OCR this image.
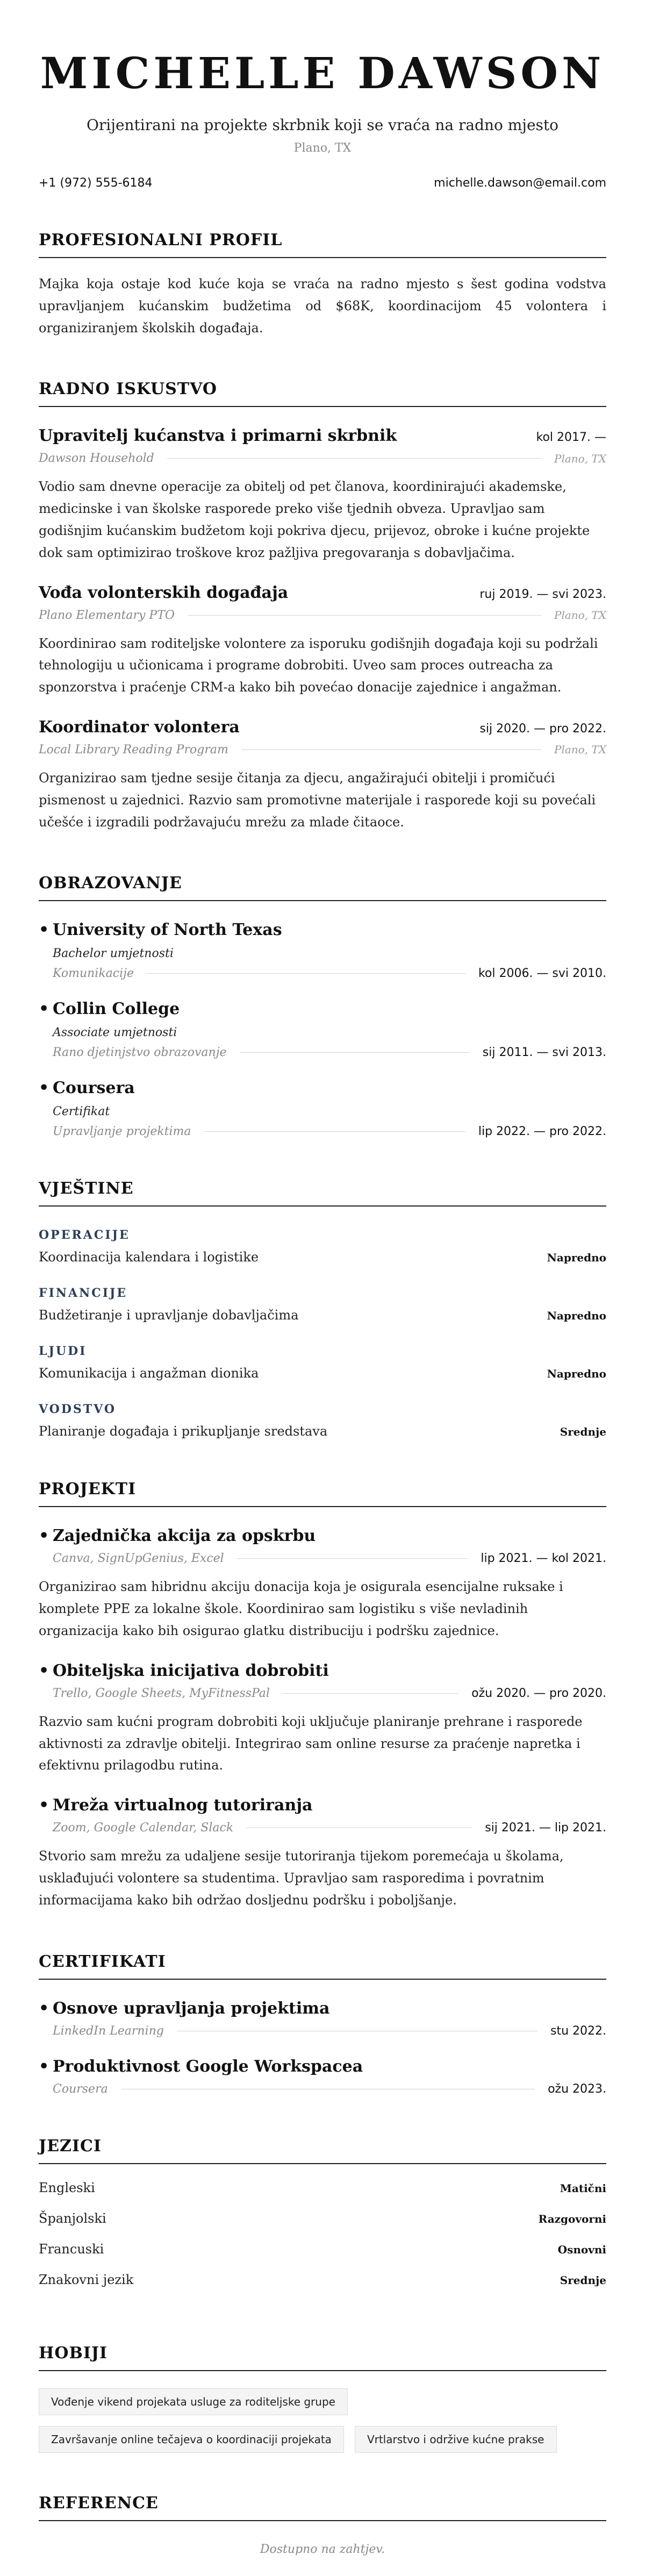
MICHELLE DAWSON
Orijentirani na projekte skrbnik koji se vraća na radno mjesto
Plano, TX
+1 (972) 555-6184	michelle.dawson@email.com
PROFESIONALNI PROFIL

Majka koja ostaje kod kuće koja se vraća na radno mjesto s šest godina vodstva upravljanjem kućanskim budžetima od $68K, koordinacijom 45 volontera i organiziranjem školskih događaja.

RADNO ISKUSTVO
Upravitelj kućanstva i primarni skrbnik	kol 2017. —
Dawson Household	Plano, TX

Vodio sam dnevne operacije za obitelj od pet članova, koordinirajući akademske, medicinske i van školske rasporede preko više tjednih obveza. Upravljao sam godišnjim kućanskim budžetom koji pokriva djecu, prijevoz, obroke i kućne projekte dok sam optimizirao troškove kroz pažljiva pregovaranja s dobavljačima.

Vođa volonterskih događaja	ruj 2019. — svi 2023.
Plano Elementary PTO	Plano, TX

Koordinirao sam roditeljske volontere za isporuku godišnjih događaja koji su podržali tehnologiju u učionicama i programe dobrobiti. Uveo sam proces outreacha za sponzorstva i praćenje CRM-a kako bih povećao donacije zajednice i angažman.

Koordinator volontera	sij 2020. — pro 2022.
Local Library Reading Program	Plano, TX

Organizirao sam tjedne sesije čitanja za djecu, angažirajući obitelji i promičući pismenost u zajednici. Razvio sam promotivne materijale i rasporede koji su povećali učešće i izgradili podržavajuću mrežu za mlade čitaoce.

OBRAZOVANJE
• University of North Texas
Bachelor umjetnosti
Komunikacije	kol 2006. — svi 2010.
• Collin College
Associate umjetnosti
Rano djetinjstvo obrazovanje	sij 2011. — svi 2013.
• Coursera
Certifikat
Upravljanje projektima	lip 2022. — pro 2022.
VJEŠTINE
OPERACIJE
Koordinacija kalendara i logistike	Napredno
FINANCIJE
Budžetiranje i upravljanje dobavljačima	Napredno
LJUDI
Komunikacija i angažman dionika	Napredno
VODSTVO
Planiranje događaja i prikupljanje sredstava	Srednje
PROJEKTI
• Zajednička akcija za opskrbu
Canva, SignUpGenius, Excel	lip 2021. — kol 2021.

Organizirao sam hibridnu akciju donacija koja je osigurala esencijalne ruksake i komplete PPE za lokalne škole. Koordinirao sam logistiku s više nevladinih organizacija kako bih osigurao glatku distribuciju i podršku zajednice.

• Obiteljska inicijativa dobrobiti
Trello, Google Sheets, MyFitnessPal	ožu 2020. — pro 2020.

Razvio sam kućni program dobrobiti koji uključuje planiranje prehrane i rasporede aktivnosti za zdravlje obitelji. Integrirao sam online resurse za praćenje napretka i efektivnu prilagodbu rutina.

• Mreža virtualnog tutoriranja
Zoom, Google Calendar, Slack	sij 2021. — lip 2021.

Stvorio sam mrežu za udaljene sesije tutoriranja tijekom poremećaja u školama, usklađujući volontere sa studentima. Upravljao sam rasporedima i povratnim informacijama kako bih održao dosljednu podršku i poboljšanje.

CERTIFIKATI
• Osnove upravljanja projektima
LinkedIn Learning	stu 2022.
• Produktivnost Google Workspacea
Coursera	ožu 2023.
JEZICI
Engleski	Matični
Španjolski	Razgovorni
Francuski	Osnovni
Znakovni jezik	Srednje
HOBIJI
Vođenje vikend projekata usluge za roditeljske grupe
Završavanje online tečajeva o koordinaciji projekata	Vrtlarstvo i održive kućne prakse
REFERENCE
Dostupno na zahtjev.
